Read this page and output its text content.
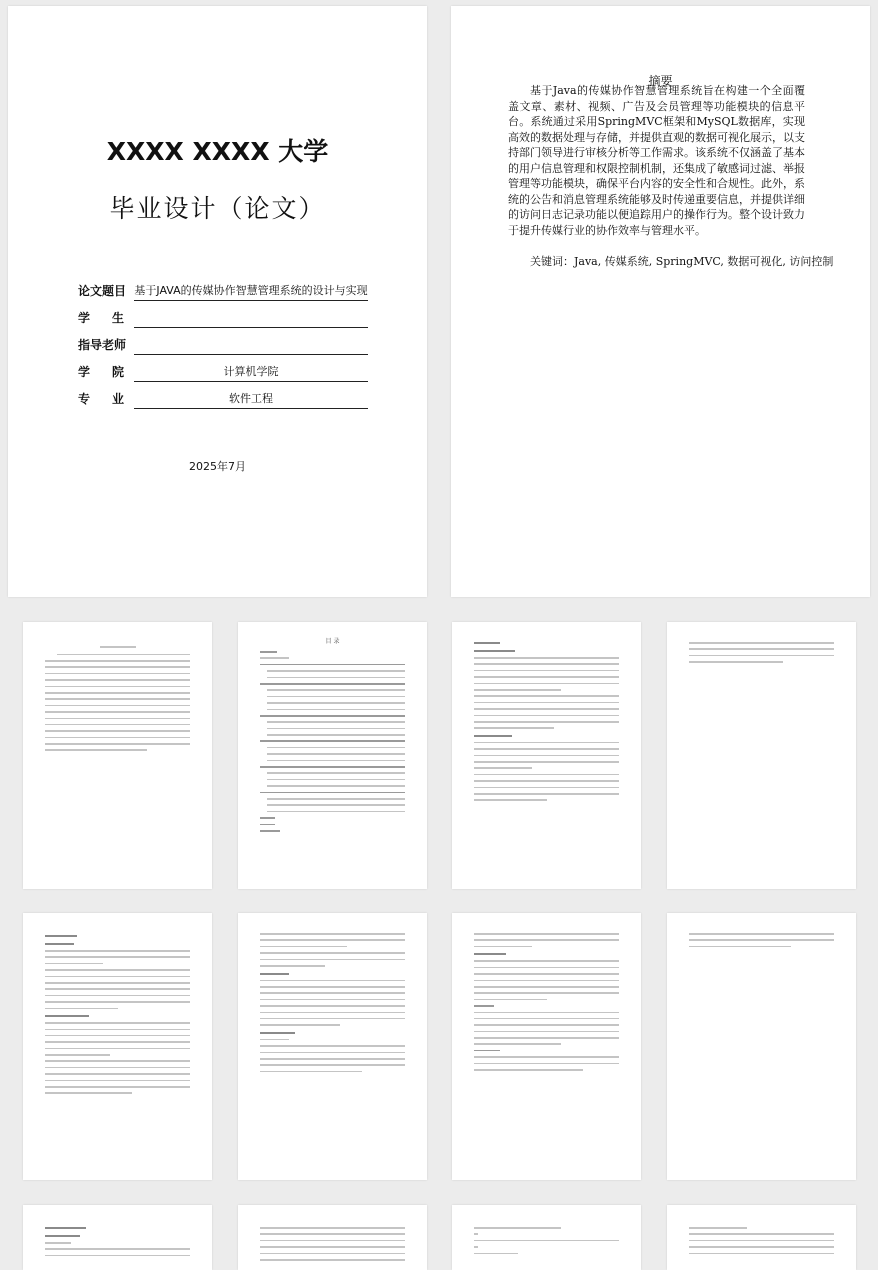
XXXX XXXX 大学
毕业设计（论文）
论文题目 基于JAVA的传媒协作智慧管理系统的设计与实现
学生
指导老师
学院	计算机学院
专业	软件工程
2025年7月
摘要
基于Java的传媒协作智慧管理系统旨在构建一个全面覆盖文章、素材、视频、广告及会员管理等功能模块的信息平台。系统通过采用SpringMVC框架和MySQL数据库，实现高效的数据处理与存储，并提供直观的数据可视化展示，以支持部门领导进行审核分析等工作需求。该系统不仅涵盖了基本的用户信息管理和权限控制机制，还集成了敏感词过滤、举报管理等功能模块，确保平台内容的安全性和合规性。此外，系统的公告和消息管理系统能够及时传递重要信息，并提供详细的访问日志记录功能以便追踪用户的操作行为。整个设计致力于提升传媒行业的协作效率与管理水平。
关键词：Java, 传媒系统, SpringMVC, 数据可视化, 访问控制
目 录
